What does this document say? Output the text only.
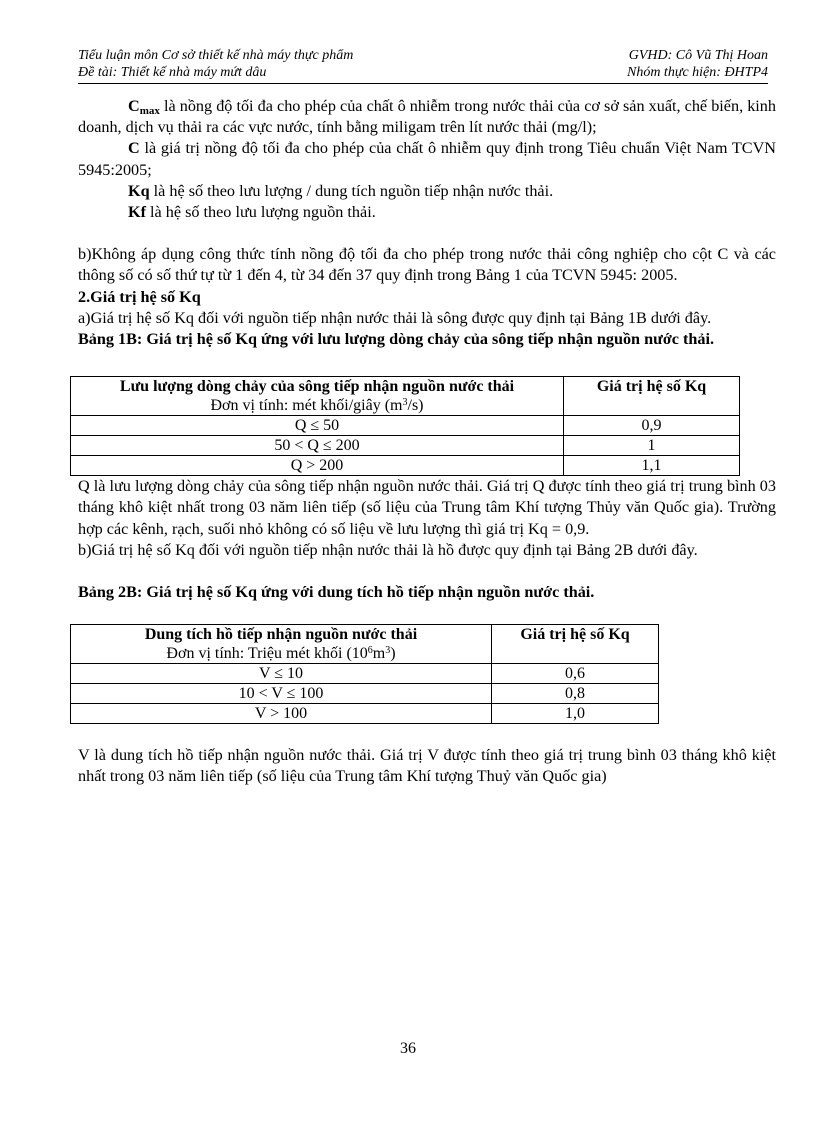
Tiểu luận môn Cơ sở thiết kế nhà máy thực phẩm	GVHD: Cô Vũ Thị Hoan
Đề tài: Thiết kế nhà máy mứt dâu	Nhóm thực hiện: ĐHTP4

$C_{max}$ là nồng độ tối đa cho phép của chất ô nhiễm trong nước thải của cơ sở sản xuất, chế biến, kinh doanh, dịch vụ thải ra các vực nước, tính bằng miligam trên lít nước thải (mg/l);

C là giá trị nồng độ tối đa cho phép của chất ô nhiễm quy định trong Tiêu chuẩn Việt Nam TCVN 5945:2005;

Kq là hệ số theo lưu lượng / dung tích nguồn tiếp nhận nước thải.

Kf là hệ số theo lưu lượng nguồn thải.

b)Không áp dụng công thức tính nồng độ tối đa cho phép trong nước thải công nghiệp cho cột C và các thông số có số thứ tự từ 1 đến 4, từ 34 đến 37 quy định trong Bảng 1 của TCVN 5945: 2005.

2.Giá trị hệ số Kq

a)Giá trị hệ số Kq đối với nguồn tiếp nhận nước thải là sông được quy định tại Bảng 1B dưới đây.

Bảng 1B: Giá trị hệ số Kq ứng với lưu lượng dòng chảy của sông tiếp nhận nguồn nước thải.

Lưu lượng dòng chảy của sông tiếp nhận nguồn nước thải
Đơn vị tính: mét khối/giây $(m^3/s)$	Giá trị hệ số Kq
Q ≤ 50	0,9
50 < Q ≤ 200	1
Q > 200	1,1

Q là lưu lượng dòng chảy của sông tiếp nhận nguồn nước thải. Giá trị Q được tính theo giá trị trung bình 03 tháng khô kiệt nhất trong 03 năm liên tiếp (số liệu của Trung tâm Khí tượng Thủy văn Quốc gia). Trường hợp các kênh, rạch, suối nhỏ không có số liệu về lưu lượng thì giá trị Kq = 0,9.

b)Giá trị hệ số Kq đối với nguồn tiếp nhận nước thải là hồ được quy định tại Bảng 2B dưới đây.

Bảng 2B: Giá trị hệ số Kq ứng với dung tích hồ tiếp nhận nguồn nước thải.

Dung tích hồ tiếp nhận nguồn nước thải
Đơn vị tính: Triệu mét khối $(10^6m^3)$	Giá trị hệ số Kq
V ≤ 10	0,6
10 < V ≤ 100	0,8
V > 100	1,0

V là dung tích hồ tiếp nhận nguồn nước thải. Giá trị V được tính theo giá trị trung bình 03 tháng khô kiệt nhất trong 03 năm liên tiếp (số liệu của Trung tâm Khí tượng Thuỷ văn Quốc gia)

36
